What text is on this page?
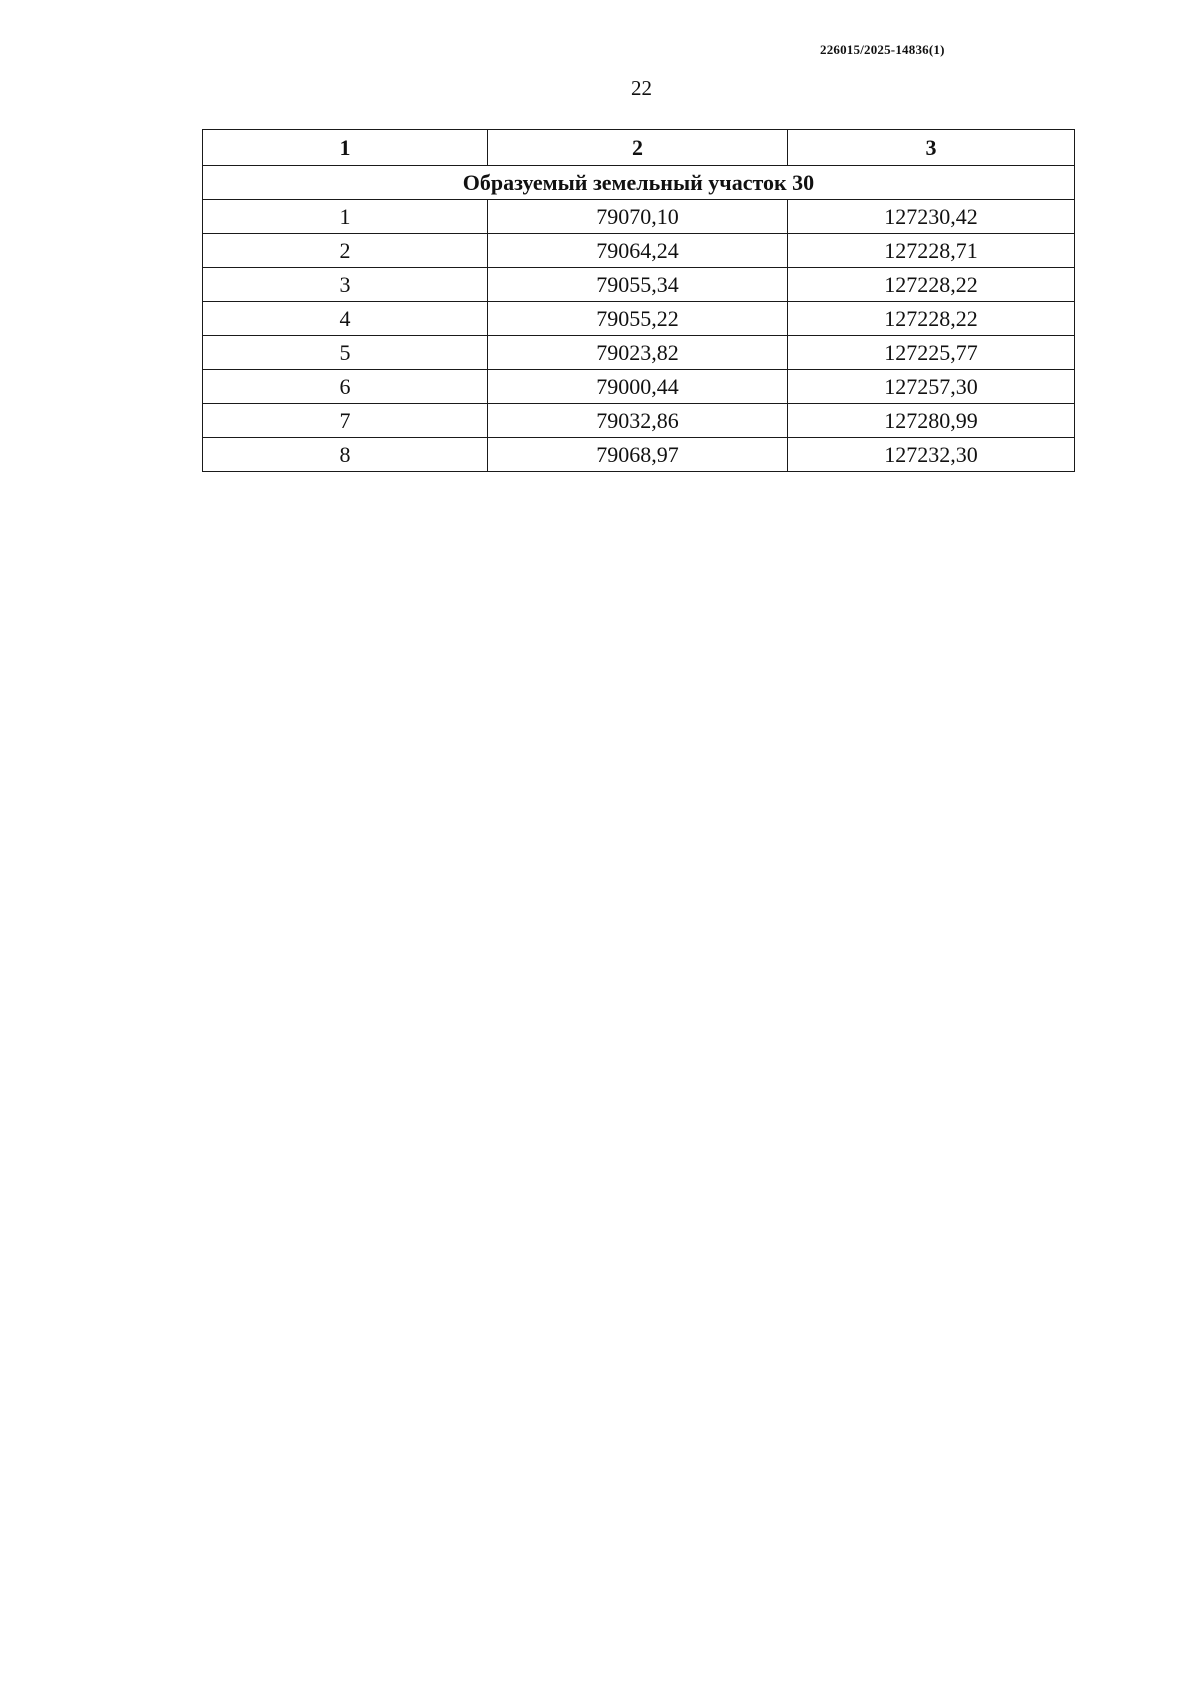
226015/2025-14836(1)
22
1	2	3
Образуемый земельный участок 30		
1	79070,10	127230,42
2	79064,24	127228,71
3	79055,34	127228,22
4	79055,22	127228,22
5	79023,82	127225,77
6	79000,44	127257,30
7	79032,86	127280,99
8	79068,97	127232,30
